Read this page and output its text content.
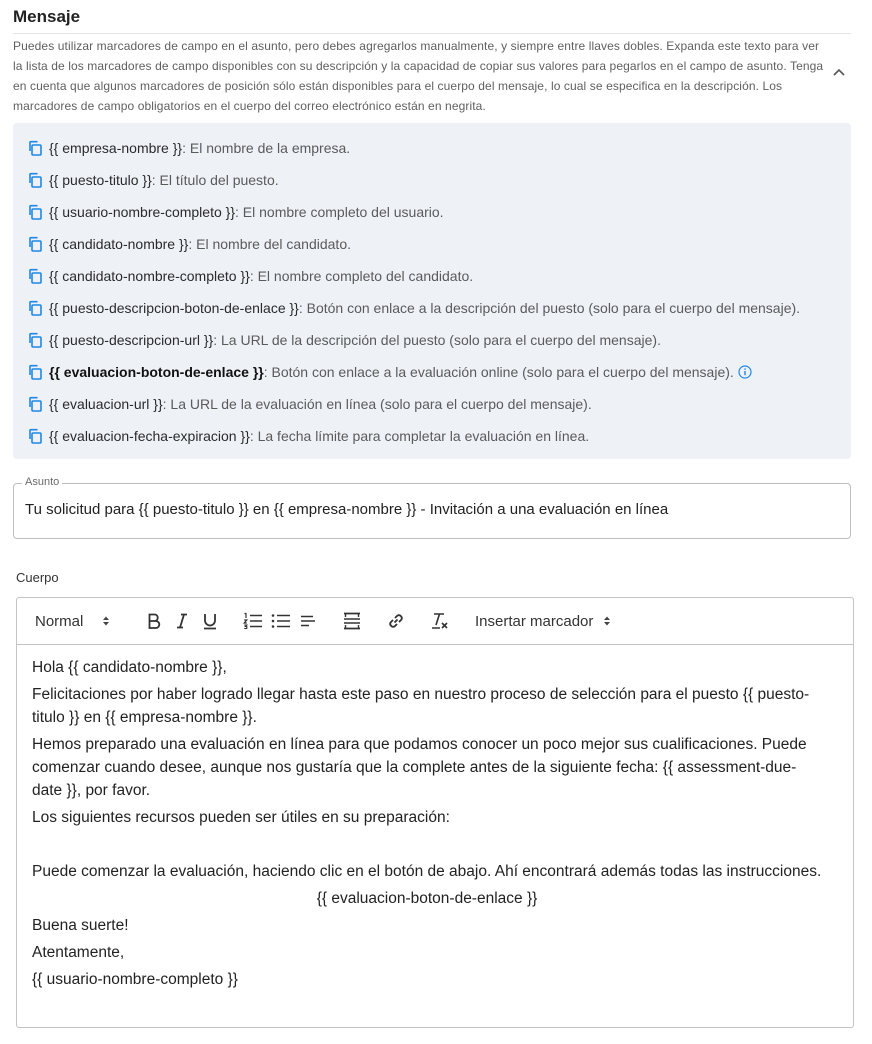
Mensaje
Puedes utilizar marcadores de campo en el asunto, pero debes agregarlos manualmente, y siempre entre llaves dobles. Expanda este texto para ver la lista de los marcadores de campo disponibles con su descripción y la capacidad de copiar sus valores para pegarlos en el campo de asunto. Tenga en cuenta que algunos marcadores de posición sólo están disponibles para el cuerpo del mensaje, lo cual se especifica en la descripción. Los marcadores de campo obligatorios en el cuerpo del correo electrónico están en negrita.
{{ empresa-nombre }} : El nombre de la empresa.
{{ puesto-titulo }} : El título del puesto.
{{ usuario-nombre-completo }} : El nombre completo del usuario.
{{ candidato-nombre }} : El nombre del candidato.
{{ candidato-nombre-completo }} : El nombre completo del candidato.
{{ puesto-descripcion-boton-de-enlace }} : Botón con enlace a la descripción del puesto (solo para el cuerpo del mensaje).
{{ puesto-descripcion-url }} : La URL de la descripción del puesto (solo para el cuerpo del mensaje).
{{ evaluacion-boton-de-enlace }} : Botón con enlace a la evaluación online (solo para el cuerpo del mensaje).
{{ evaluacion-url }} : La URL de la evaluación en línea (solo para el cuerpo del mensaje).
{{ evaluacion-fecha-expiracion }} : La fecha límite para completar la evaluación en línea.
Asunto
Tu solicitud para {{ puesto-titulo }} en {{ empresa-nombre }} - Invitación a una evaluación en línea
Cuerpo
Normal	Insertar marcador

Hola {{ candidato-nombre }},

Felicitaciones por haber logrado llegar hasta este paso en nuestro proceso de selección para el puesto {{ puesto-titulo }} en {{ empresa-nombre }}.

Hemos preparado una evaluación en línea para que podamos conocer un poco mejor sus cualificaciones. Puede comenzar cuando desee, aunque nos gustaría que la complete antes de la siguiente fecha: {{ assessment-due-date }}, por favor.

Los siguientes recursos pueden ser útiles en su preparación:

Puede comenzar la evaluación, haciendo clic en el botón de abajo. Ahí encontrará además todas las instrucciones.

{{ evaluacion-boton-de-enlace }}

Buena suerte!

Atentamente,

{{ usuario-nombre-completo }}
